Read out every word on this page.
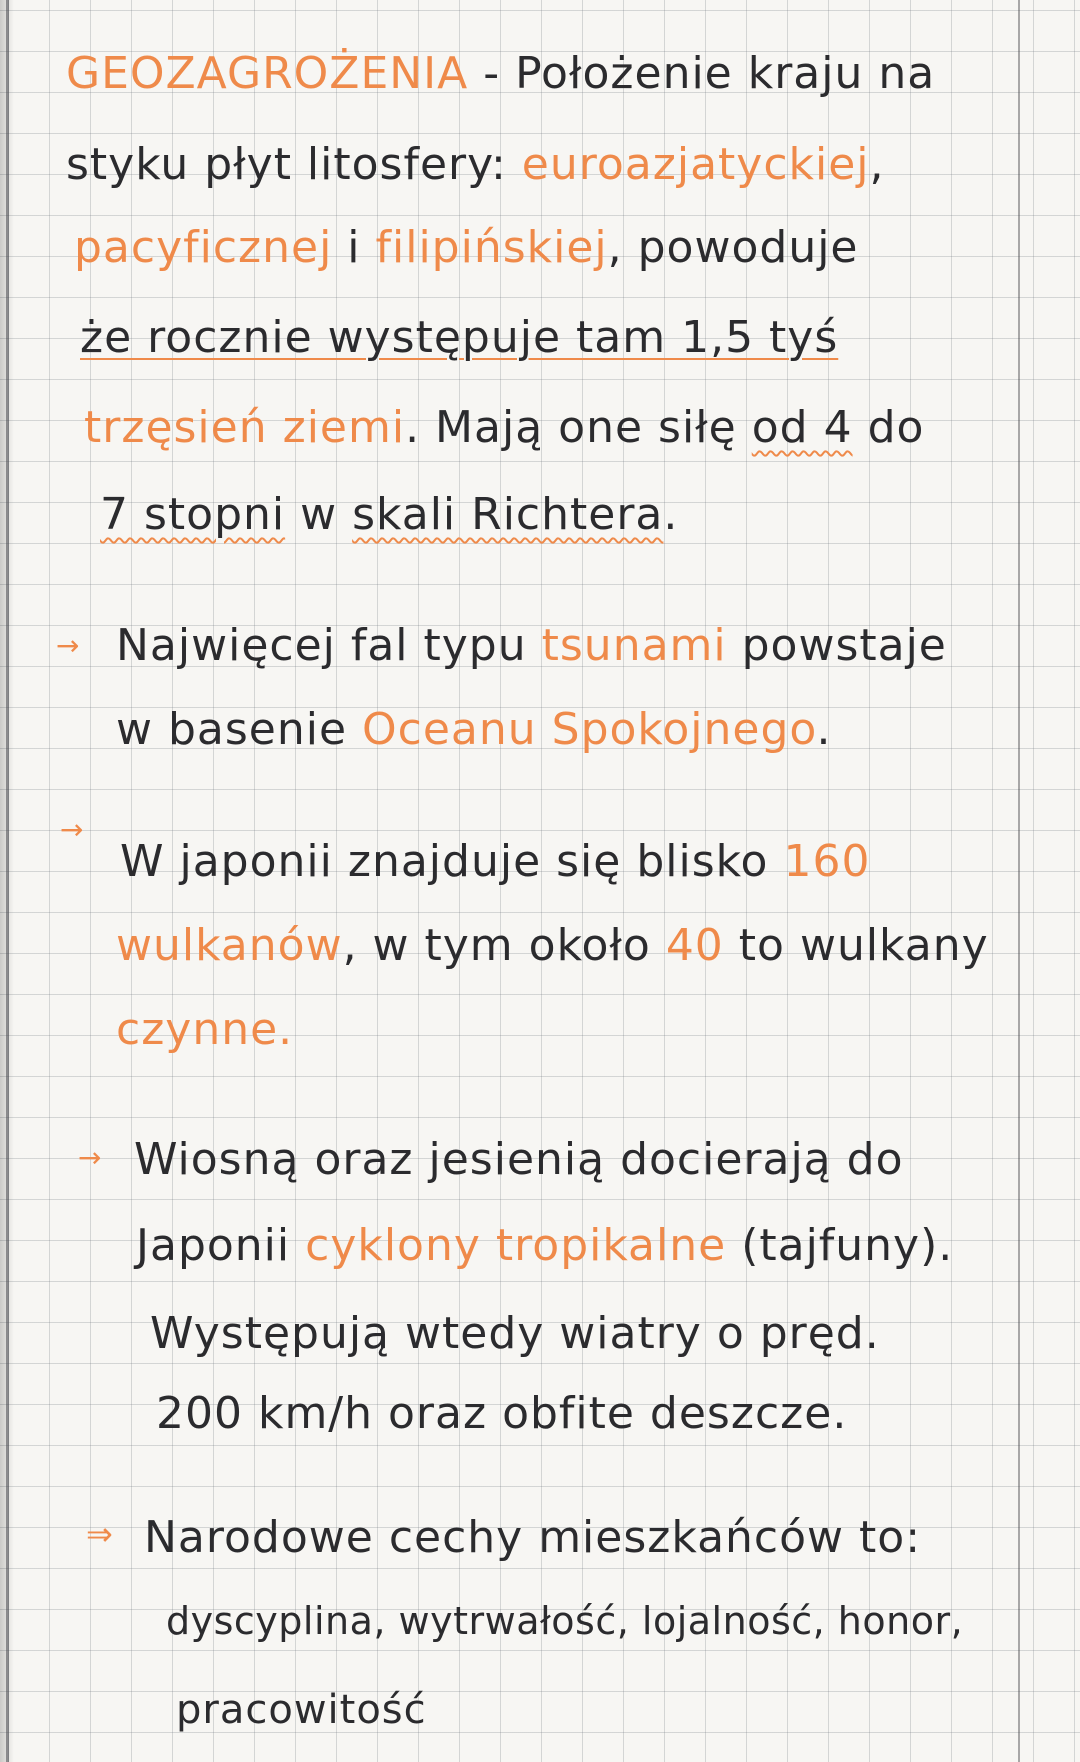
GEOZAGROŻENIA - Położenie kraju na
styku płyt litosfery: euroazjatyckiej,
pacyficznej i filipińskiej, powoduje
że rocznie występuje tam 1,5 tyś
trzęsień ziemi. Mają one siłę od 4 do
7 stopni w skali Richtera.
→ Najwięcej fal typu tsunami powstaje
w basenie Oceanu Spokojnego.
→
W japonii znajduje się blisko 160
wulkanów, w tym około 40 to wulkany
czynne.
→ Wiosną oraz jesienią docierają do
Japonii cyklony tropikalne (tajfuny).
Występują wtedy wiatry o pręd.
200 km/h oraz obfite deszcze.
⇒ Narodowe cechy mieszkańców to:
dyscyplina, wytrwałość, lojalność, honor,
pracowitość
